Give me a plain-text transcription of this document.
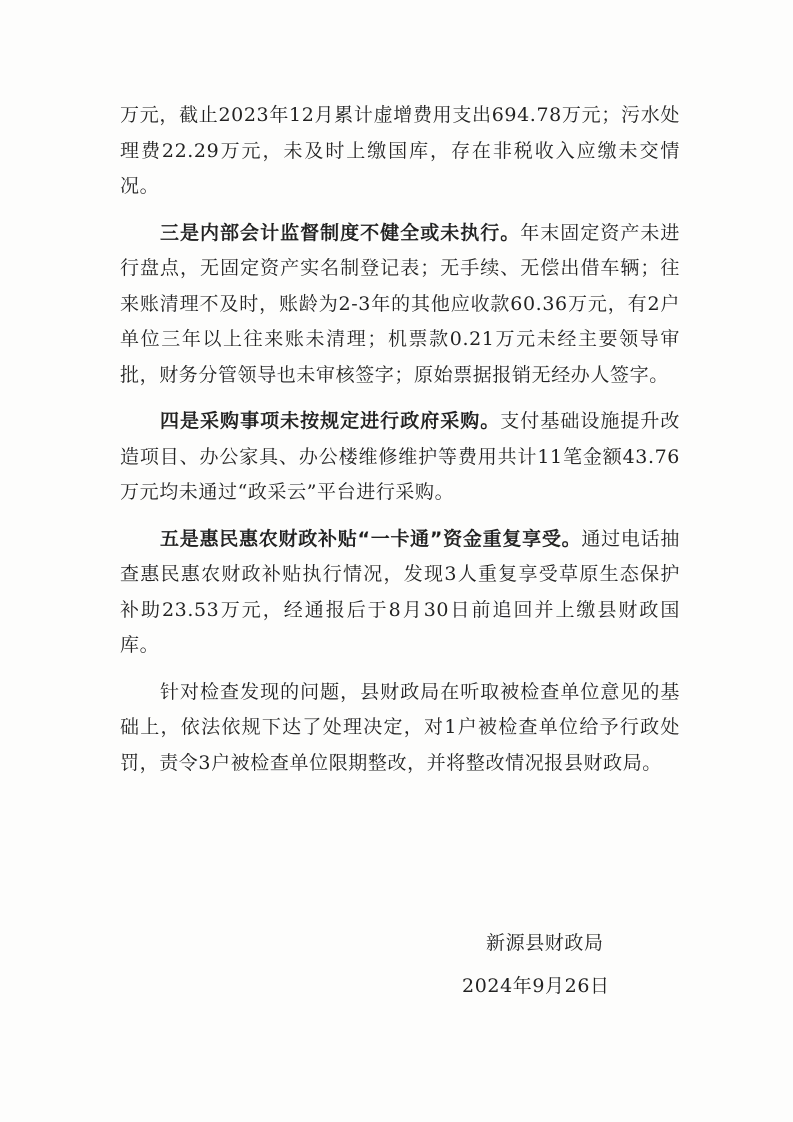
万元，截止2023年12月累计虚增费用支出694.78万元；污水处理费22.29万元，未及时上缴国库，存在非税收入应缴未交情况。

三是内部会计监督制度不健全或未执行。年末固定资产未进行盘点，无固定资产实名制登记表；无手续、无偿出借车辆；往来账清理不及时，账龄为2-3年的其他应收款60.36万元，有2户单位三年以上往来账未清理；机票款0.21万元未经主要领导审批，财务分管领导也未审核签字；原始票据报销无经办人签字。

四是采购事项未按规定进行政府采购。支付基础设施提升改造项目、办公家具、办公楼维修维护等费用共计11笔金额43.76万元均未通过“政采云”平台进行采购。

五是惠民惠农财政补贴“一卡通”资金重复享受。通过电话抽查惠民惠农财政补贴执行情况，发现3人重复享受草原生态保护补助23.53万元，经通报后于8月30日前追回并上缴县财政国库。

针对检查发现的问题，县财政局在听取被检查单位意见的基础上，依法依规下达了处理决定，对1户被检查单位给予行政处罚，责令3户被检查单位限期整改，并将整改情况报县财政局。

新源县财政局
2024年9月26日
